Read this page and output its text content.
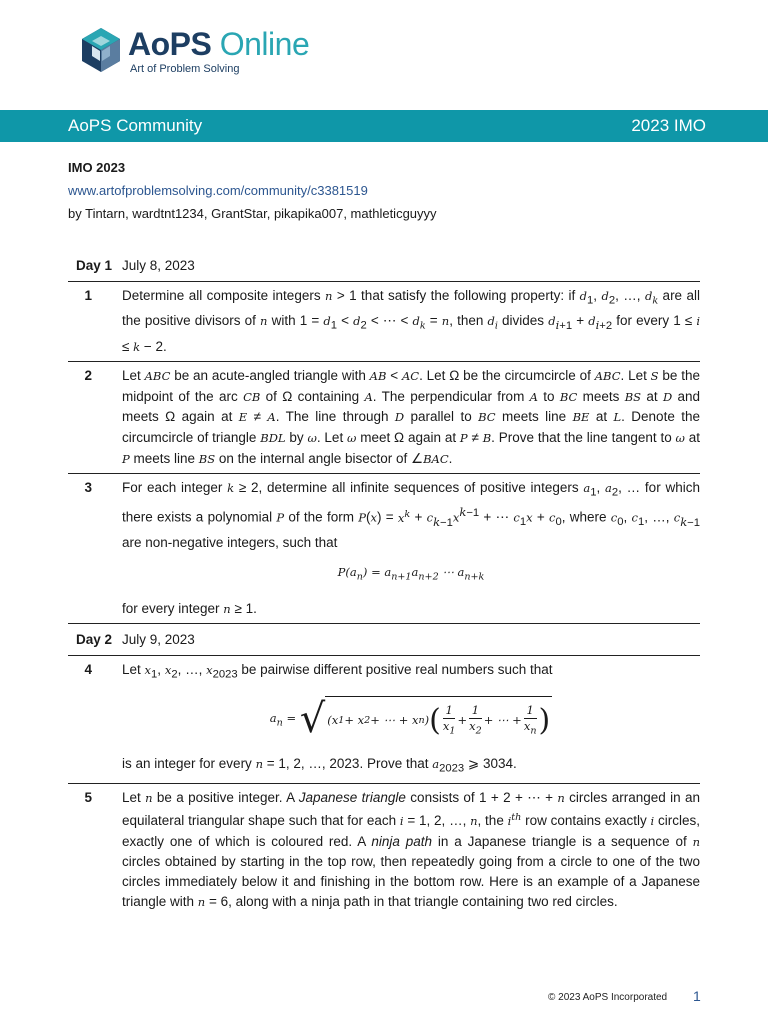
AoPS Online
Art of Problem Solving
AoPS Community	2023 IMO
IMO 2023
www.artofproblemsolving.com/community/c3381519
by Tintarn, wardtnt1234, GrantStar, pikapika007, mathleticguyyy
Day 1 July 8, 2023
1	Determine all composite integers n > 1 that satisfy the following property: if $d_1$, $d_2$, …, $d_k$ are all the positive divisors of n with $1 = d_1 < d_2$ < ⋯ < $d_k = n$, then $d_i$ divides $d_{i+1} + d_{i+2}$ for every 1 ≤ i ≤ k − 2.
2	Let ABC be an acute-angled triangle with AB < AC. Let Ω be the circumcircle of ABC. Let S be the midpoint of the arc CB of Ω containing A. The perpendicular from A to BC meets BS at D and meets Ω again at E ≠ A. The line through D parallel to BC meets line BE at L. Denote the circumcircle of triangle BDL by ω. Let ω meet Ω again at P ≠ B. Prove that the line tangent to ω at P meets line BS on the internal angle bisector of ∠BAC.
3	For each integer k ≥ 2, determine all infinite sequences of positive integers $a_1$, $a_2$, … for which there exists a polynomial P of the form $P(x) = x^k + c_{k-1}x^{k-1}$ + ⋯ $c_1x + c_0$, where $c_0$, $c_1$, …, $c_{k-1}$ are non-negative integers, such that
$P(a_n) = a_{n+1}a_{n+2}$ ⋯ $a_{n+k}$
for every integer n ≥ 1.
Day 2 July 9, 2023
4	Let $x_1$, $x_2$, …, $x_{2023}$ be pairwise different positive real numbers such that
$a_n$ = √ (x 1 + x 2 + ⋯ + x n ) ( $\frac{1}{x_1} + \frac{1}{x_2}$ + ⋯ + $\frac{1}{x_n}$ )
is an integer for every n = 1, 2, …, 2023. Prove that $a_{2023}$ ⩾ 3034.
5	Let n be a positive integer. A Japanese triangle consists of 1 + 2 + ⋯ + n circles arranged in an equilateral triangular shape such that for each i = 1, 2, …, n, the $i^{th}$ row contains exactly i circles, exactly one of which is coloured red. A ninja path in a Japanese triangle is a sequence of n circles obtained by starting in the top row, then repeatedly going from a circle to one of the two circles immediately below it and finishing in the bottom row. Here is an example of a Japanese triangle with n = 6, along with a ninja path in that triangle containing two red circles.
© 2023 AoPS Incorporated 1
